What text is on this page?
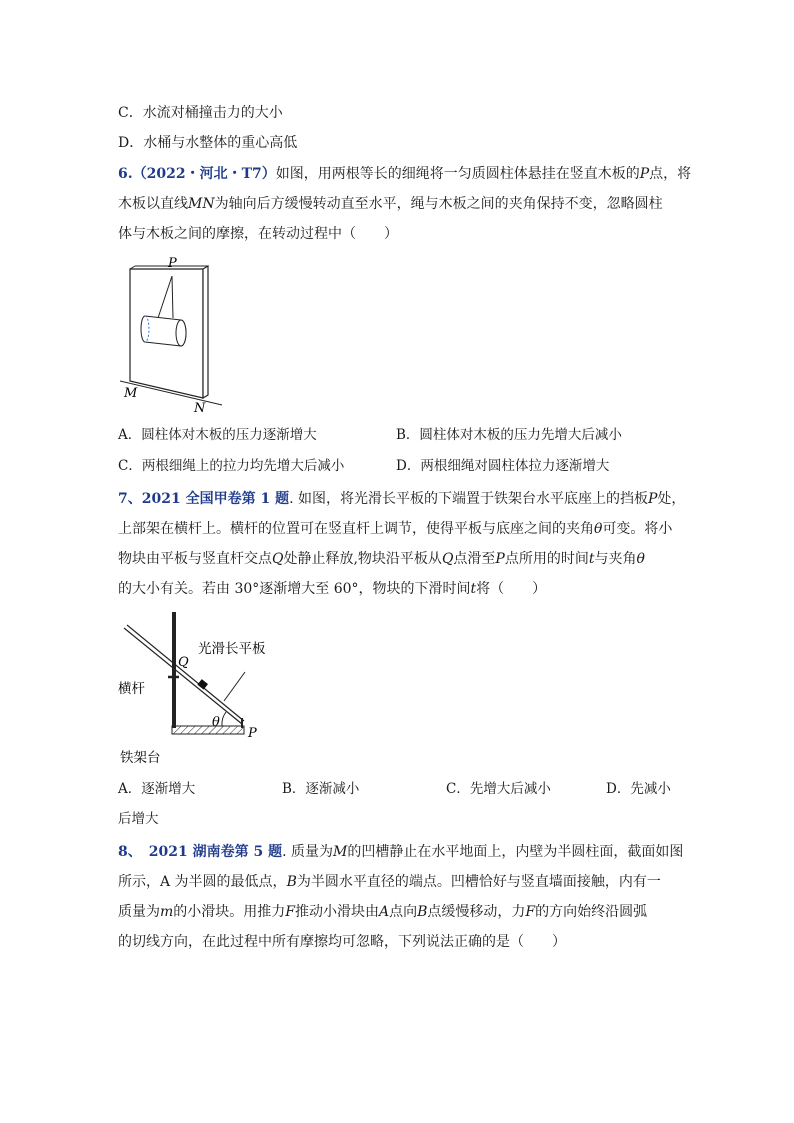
C．水流对桶撞击力的大小
D．水桶与水整体的重心高低
6.（2022・河北・T7）如图，用两根等长的细绳将一匀质圆柱体悬挂在竖直木板的P点，将
木板以直线MN为轴向后方缓慢转动直至水平，绳与木板之间的夹角保持不变，忽略圆柱
体与木板之间的摩擦，在转动过程中（　　）
P
M
N
A．圆柱体对木板的压力逐渐增大	B．圆柱体对木板的压力先增大后减小
C．两根细绳上的拉力均先增大后减小	D．两根细绳对圆柱体拉力逐渐增大
7、2021 全国甲卷第 1 题. 如图，将光滑长平板的下端置于铁架台水平底座上的挡板P处，
上部架在横杆上。横杆的位置可在竖直杆上调节，使得平板与底座之间的夹角θ可变。将小
物块由平板与竖直杆交点Q处静止释放,物块沿平板从Q点滑至P点所用的时间t与夹角θ
的大小有关。若由 30°逐渐增大至 60°，物块的下滑时间t将（　　）
光滑长平板
Q
横杆
θ
P
铁架台
A．逐渐增大	B．逐渐减小	C．先增大后减小	D．先减小
后增大
8、　2021 湖南卷第 5 题. 质量为M的凹槽静止在水平地面上，内壁为半圆柱面，截面如图
所示，A 为半圆的最低点，B为半圆水平直径的端点。凹槽恰好与竖直墙面接触，内有一
质量为m的小滑块。用推力F推动小滑块由A点向B点缓慢移动，力F的方向始终沿圆弧
的切线方向，在此过程中所有摩擦均可忽略，下列说法正确的是（　　）
